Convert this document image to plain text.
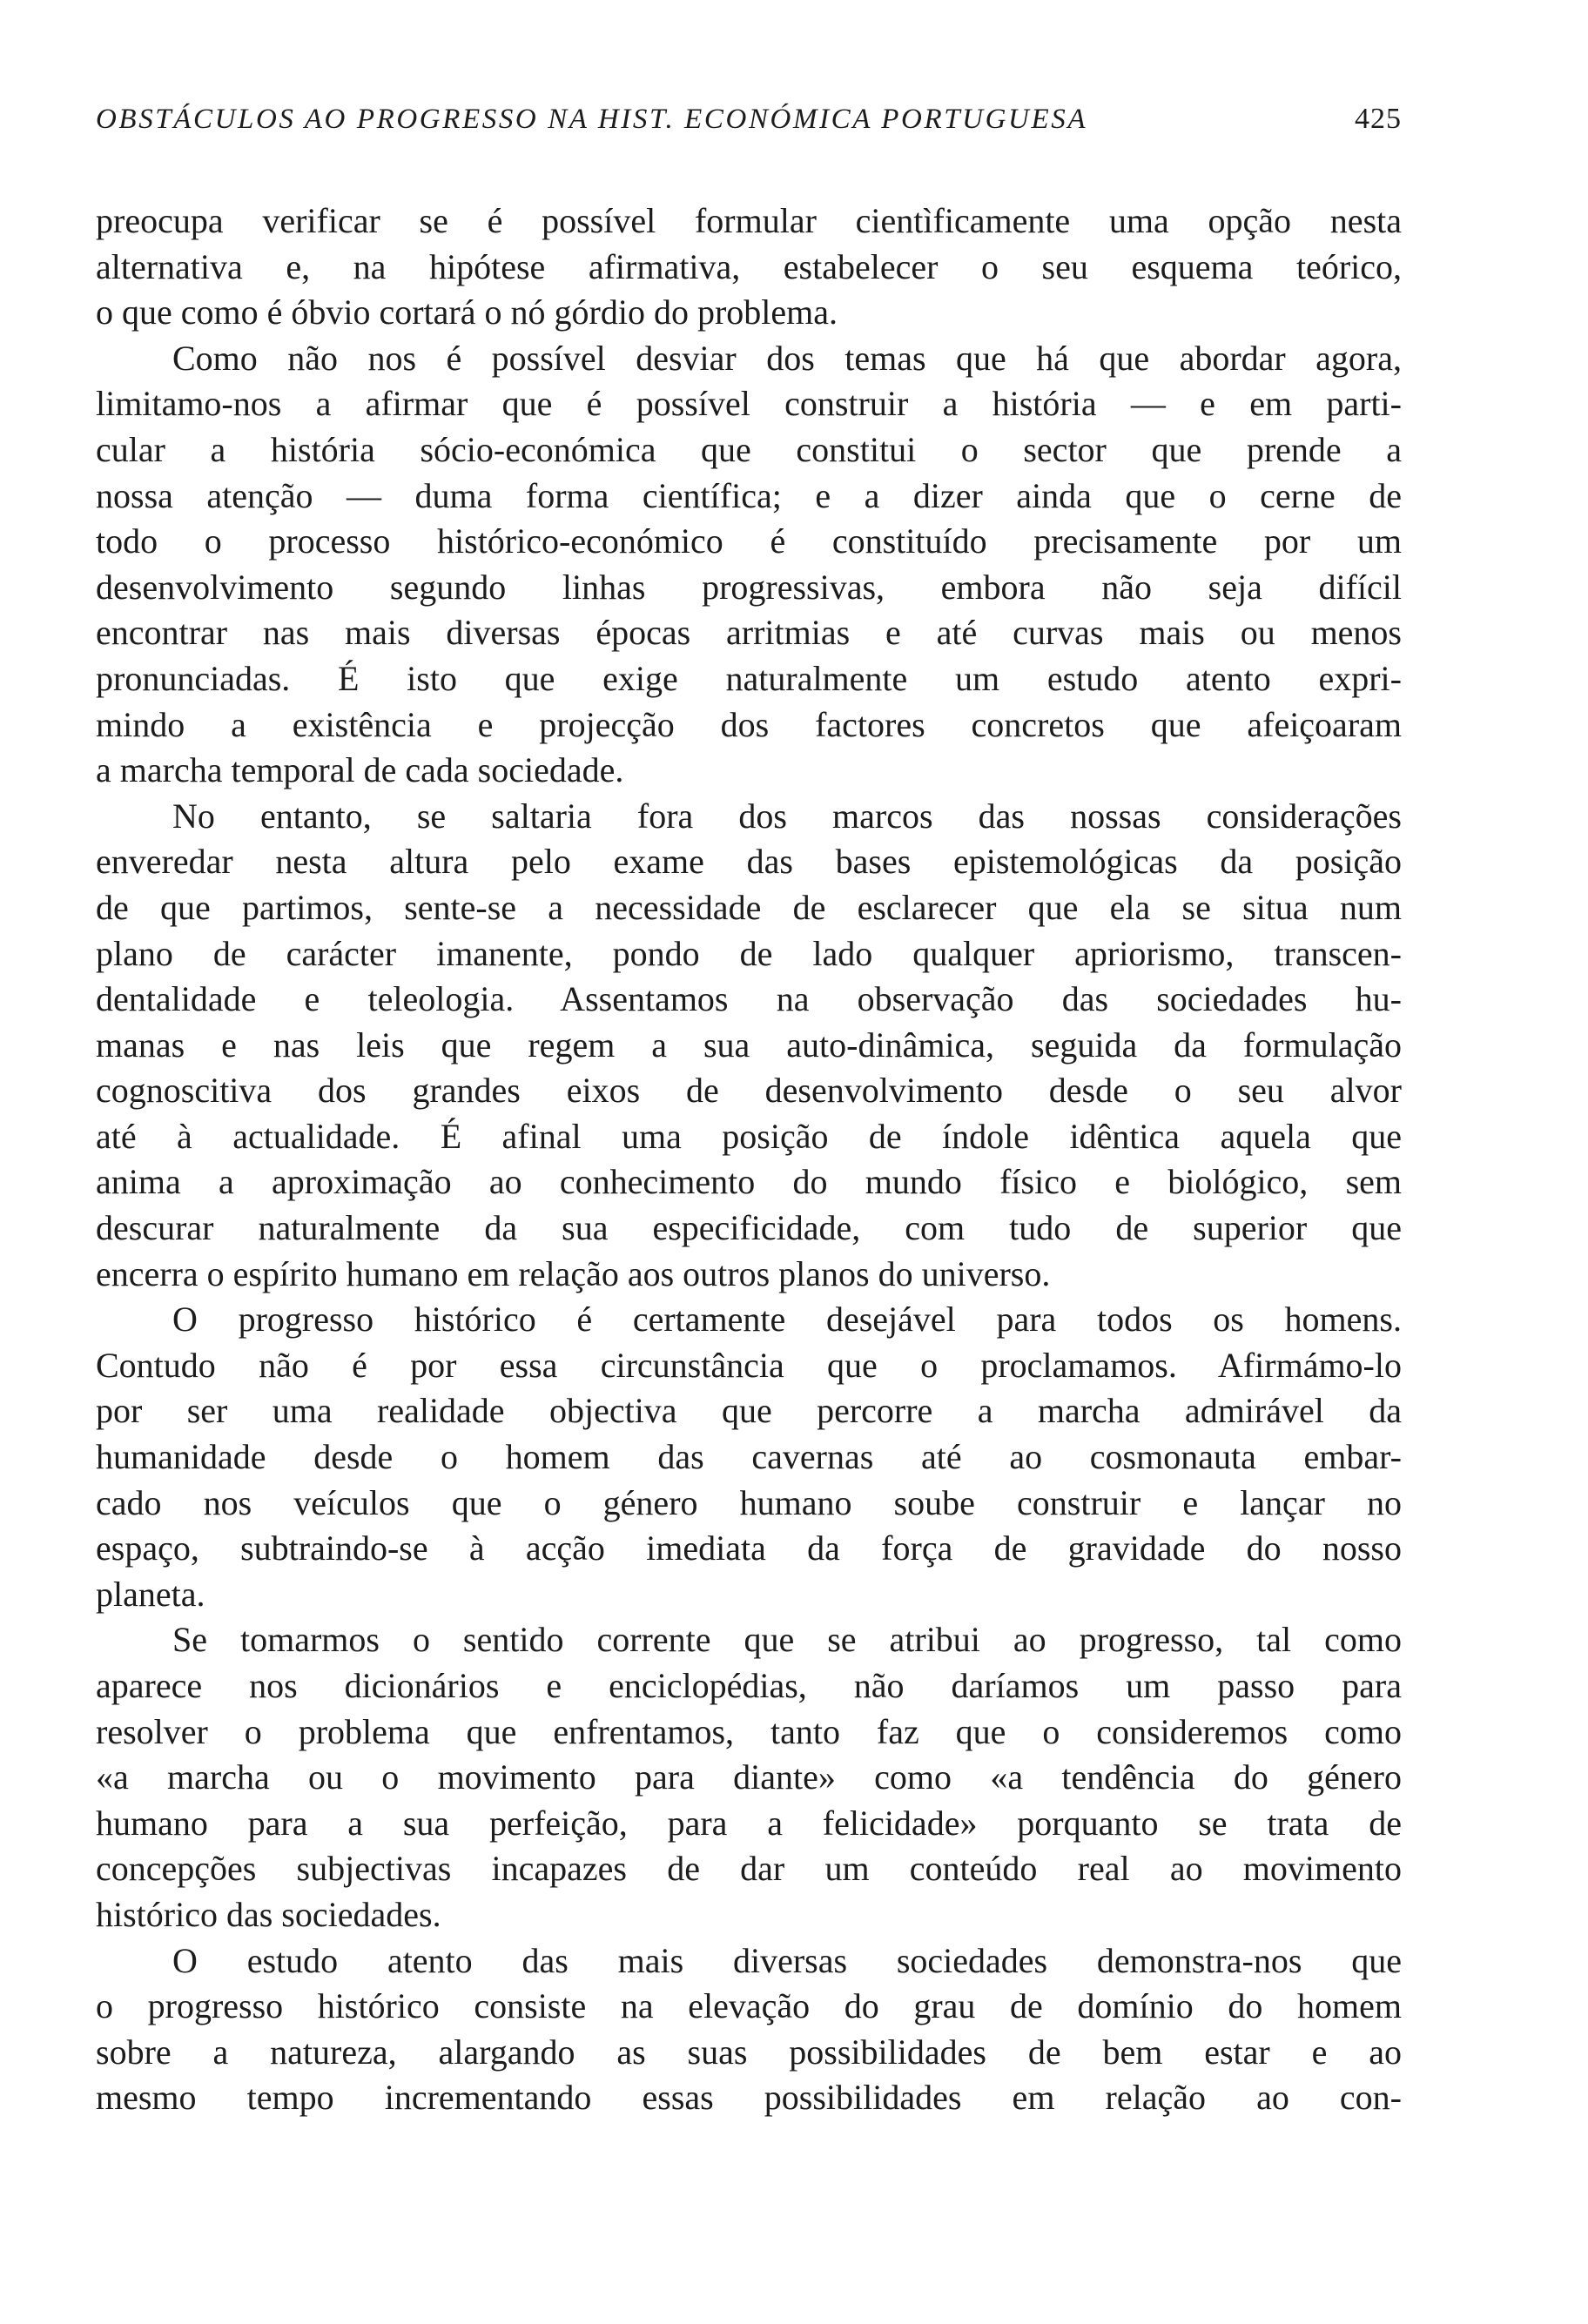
OBSTÁCULOS AO PROGRESSO NA HIST. ECONÓMICA PORTUGUESA	425
preocupa verificar se é possível formular cientìficamente uma opção nesta
alternativa e, na hipótese afirmativa, estabelecer o seu esquema teórico,
o que como é óbvio cortará o nó górdio do problema.
Como não nos é possível desviar dos temas que há que abordar agora,
limitamo-nos a afirmar que é possível construir a história — e em parti-
cular a história sócio-económica que constitui o sector que prende a
nossa atenção — duma forma científica; e a dizer ainda que o cerne de
todo o processo histórico-económico é constituído precisamente por um
desenvolvimento segundo linhas progressivas, embora não seja difícil
encontrar nas mais diversas épocas arritmias e até curvas mais ou menos
pronunciadas. É isto que exige naturalmente um estudo atento expri-
mindo a existência e projecção dos factores concretos que afeiçoaram
a marcha temporal de cada sociedade.
No entanto, se saltaria fora dos marcos das nossas considerações
enveredar nesta altura pelo exame das bases epistemológicas da posição
de que partimos, sente-se a necessidade de esclarecer que ela se situa num
plano de carácter imanente, pondo de lado qualquer apriorismo, transcen-
dentalidade e teleologia. Assentamos na observação das sociedades hu-
manas e nas leis que regem a sua auto-dinâmica, seguida da formulação
cognoscitiva dos grandes eixos de desenvolvimento desde o seu alvor
até à actualidade. É afinal uma posição de índole idêntica aquela que
anima a aproximação ao conhecimento do mundo físico e biológico, sem
descurar naturalmente da sua especificidade, com tudo de superior que
encerra o espírito humano em relação aos outros planos do universo.
O progresso histórico é certamente desejável para todos os homens.
Contudo não é por essa circunstância que o proclamamos. Afirmámo-lo
por ser uma realidade objectiva que percorre a marcha admirável da
humanidade desde o homem das cavernas até ao cosmonauta embar-
cado nos veículos que o género humano soube construir e lançar no
espaço, subtraindo-se à acção imediata da força de gravidade do nosso
planeta.
Se tomarmos o sentido corrente que se atribui ao progresso, tal como
aparece nos dicionários e enciclopédias, não daríamos um passo para
resolver o problema que enfrentamos, tanto faz que o consideremos como
«a marcha ou o movimento para diante» como «a tendência do género
humano para a sua perfeição, para a felicidade» porquanto se trata de
concepções subjectivas incapazes de dar um conteúdo real ao movimento
histórico das sociedades.
O estudo atento das mais diversas sociedades demonstra-nos que
o progresso histórico consiste na elevação do grau de domínio do homem
sobre a natureza, alargando as suas possibilidades de bem estar e ao
mesmo tempo incrementando essas possibilidades em relação ao con-
